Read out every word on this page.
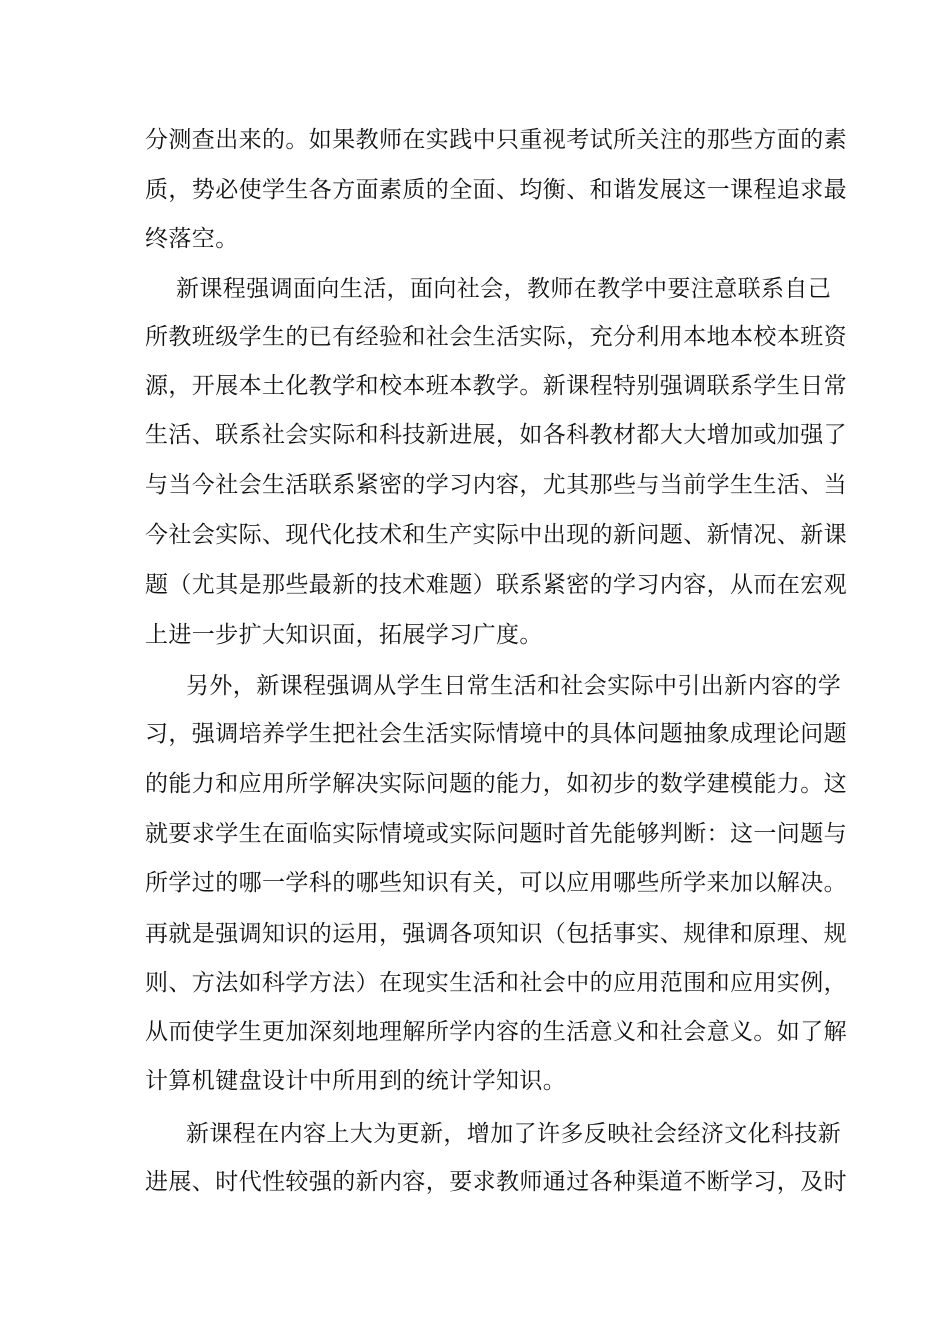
分测查出来的。如果教师在实践中只重视考试所关注的那些方面的素
质，势必使学生各方面素质的全面、均衡、和谐发展这一课程追求最
终落空。
新课程强调面向生活，面向社会，教师在教学中要注意联系自己
所教班级学生的已有经验和社会生活实际，充分利用本地本校本班资
源，开展本土化教学和校本班本教学。新课程特别强调联系学生日常
生活、联系社会实际和科技新进展，如各科教材都大大增加或加强了
与当今社会生活联系紧密的学习内容，尤其那些与当前学生生活、当
今社会实际、现代化技术和生产实际中出现的新问题、新情况、新课
题（尤其是那些最新的技术难题）联系紧密的学习内容，从而在宏观
上进一步扩大知识面，拓展学习广度。
另外，新课程强调从学生日常生活和社会实际中引出新内容的学
习，强调培养学生把社会生活实际情境中的具体问题抽象成理论问题
的能力和应用所学解决实际问题的能力，如初步的数学建模能力。这
就要求学生在面临实际情境或实际问题时首先能够判断：这一问题与
所学过的哪一学科的哪些知识有关，可以应用哪些所学来加以解决。
再就是强调知识的运用，强调各项知识（包括事实、规律和原理、规
则、方法如科学方法）在现实生活和社会中的应用范围和应用实例，
从而使学生更加深刻地理解所学内容的生活意义和社会意义。如了解
计算机键盘设计中所用到的统计学知识。
新课程在内容上大为更新，增加了许多反映社会经济文化科技新
进展、时代性较强的新内容，要求教师通过各种渠道不断学习，及时
